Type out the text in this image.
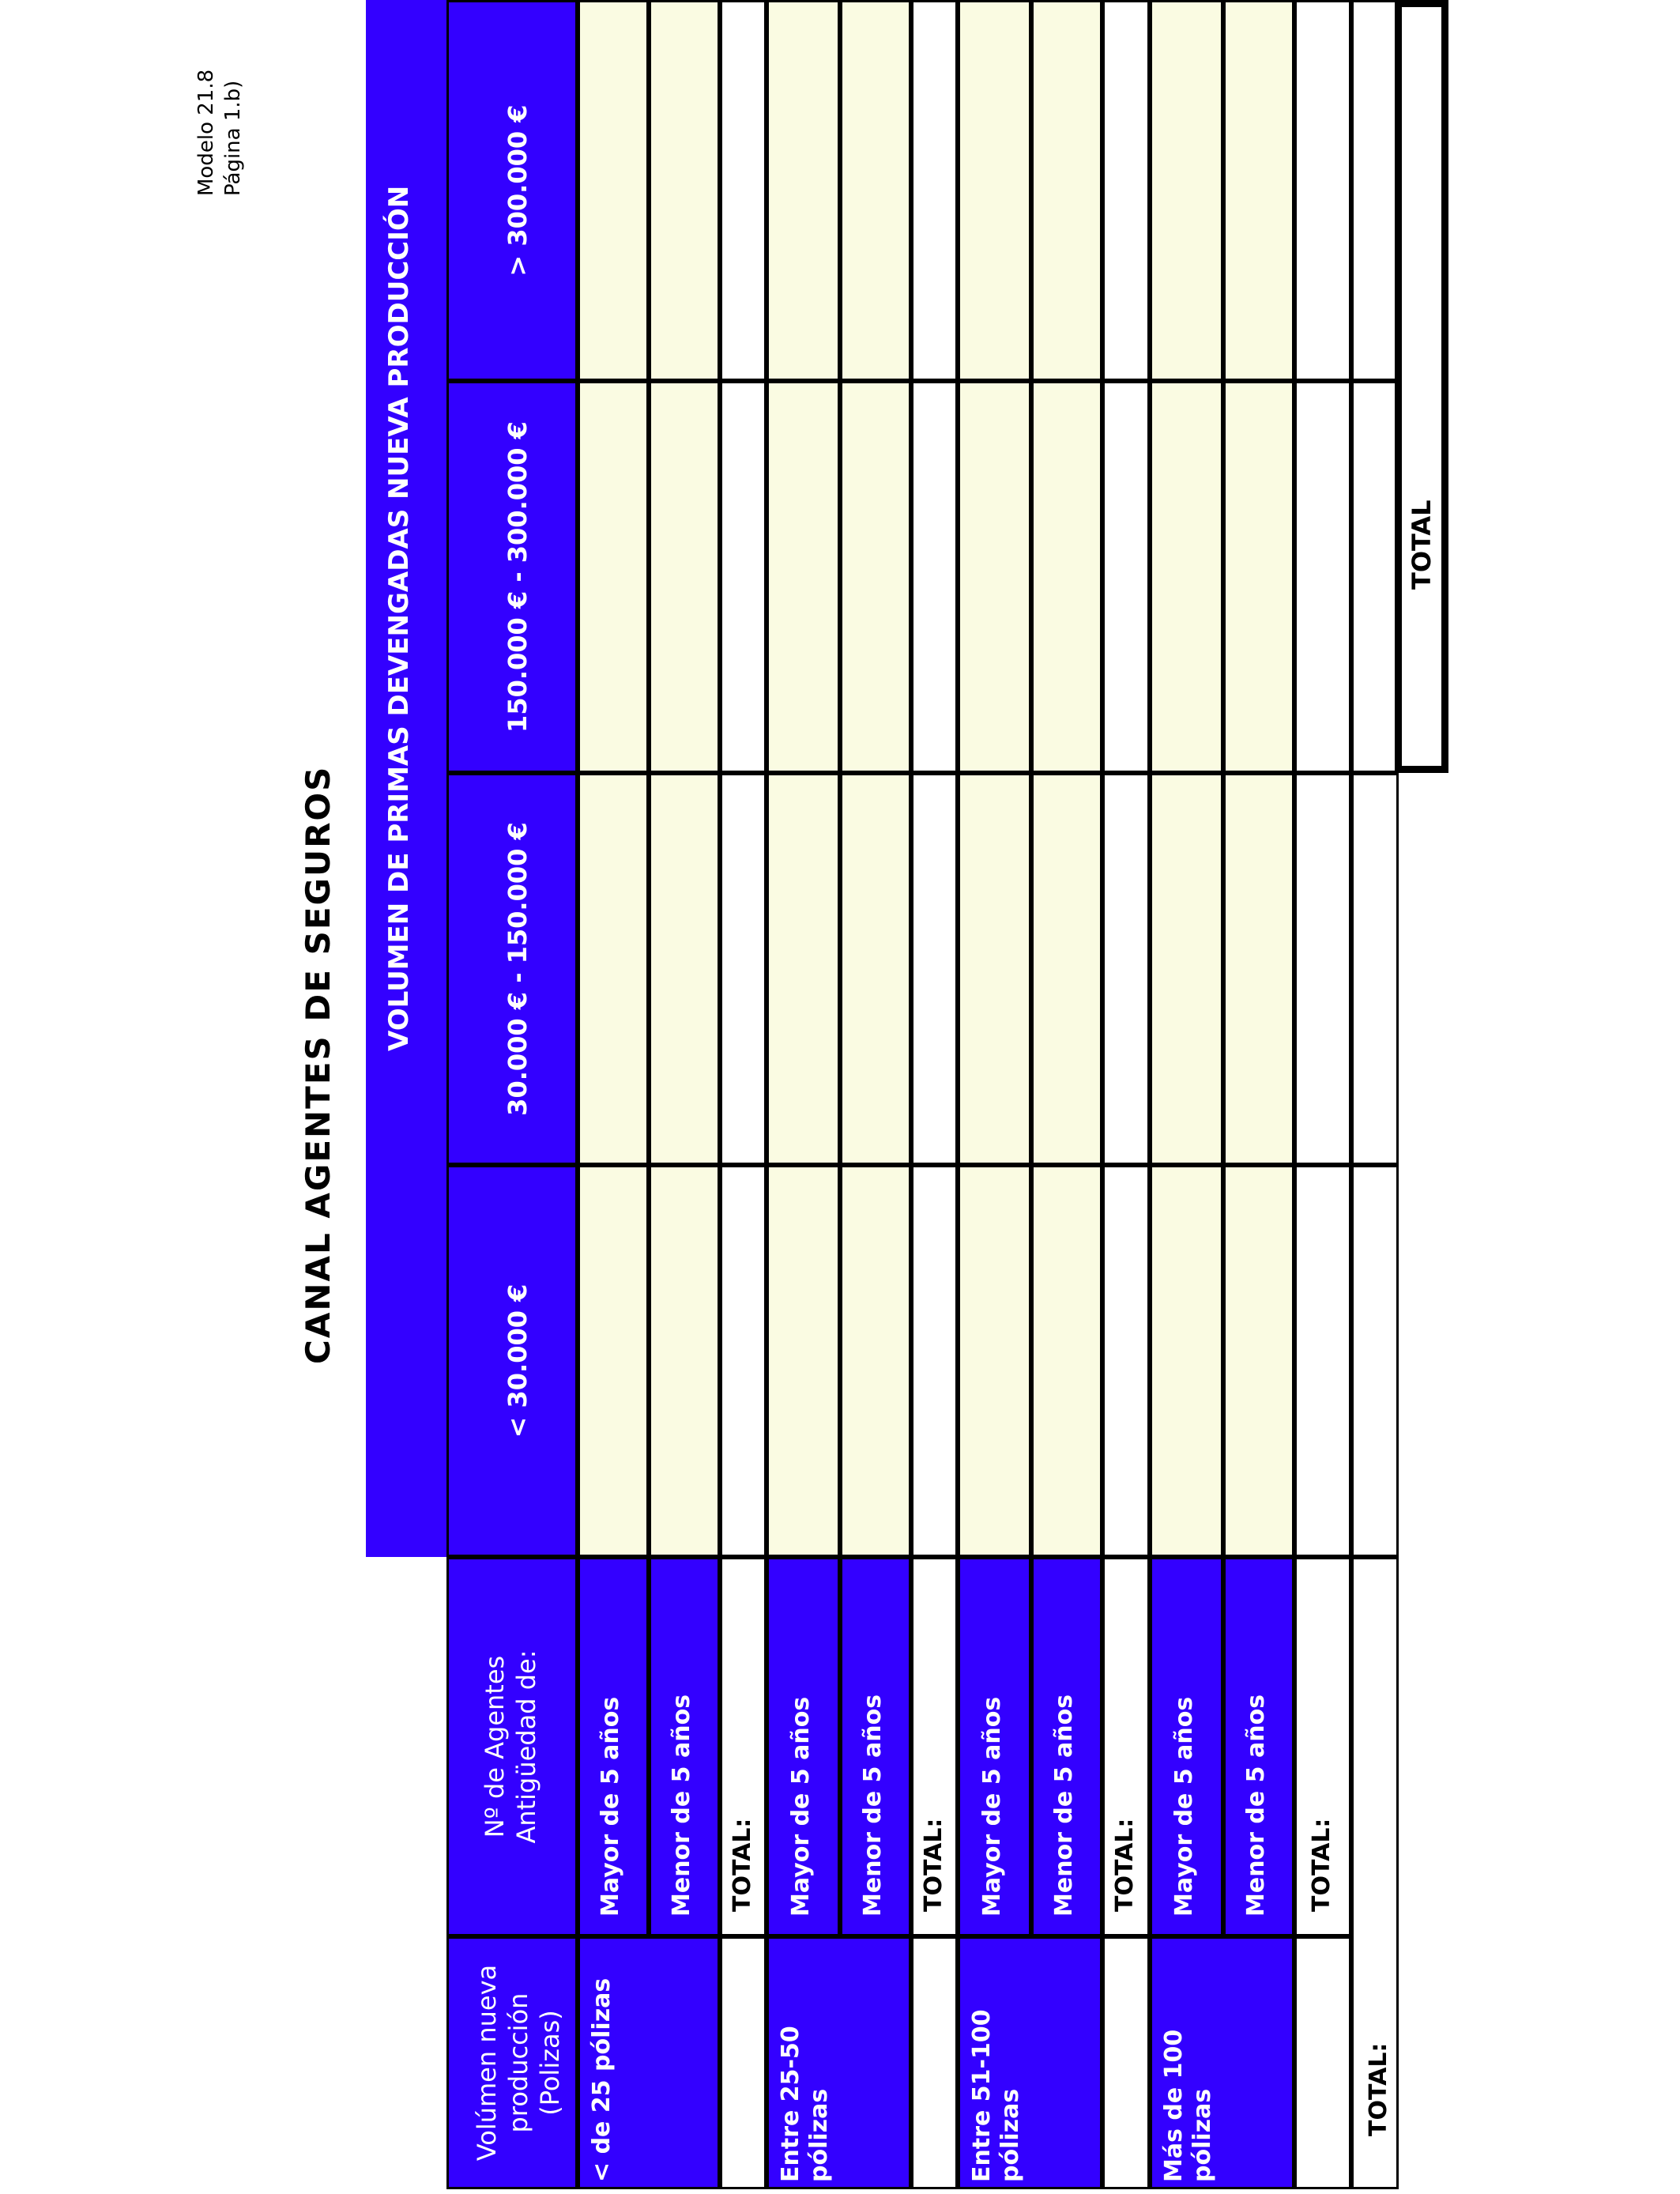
CANAL AGENTES DE SEGUROS
Modelo 21.8 Página 1.b)
VOLUMEN DE PRIMAS DEVENGADAS NUEVA PRODUCCIÓN
Volúmen nueva producción (Polizas)
Nº de Agentes Antigüedad de:
< 30.000 €
30.000 € - 150.000 €
150.000 € - 300.000 €
> 300.000 €
< de 25 pólizas
Mayor de 5 años Menor de 5 años TOTAL:
Entre 25-50 pólizas
Mayor de 5 años Menor de 5 años TOTAL:
Entre 51-100 pólizas
Mayor de 5 años Menor de 5 años TOTAL:
Más de 100 pólizas
Mayor de 5 años Menor de 5 años TOTAL:
TOTAL:
TOTAL
